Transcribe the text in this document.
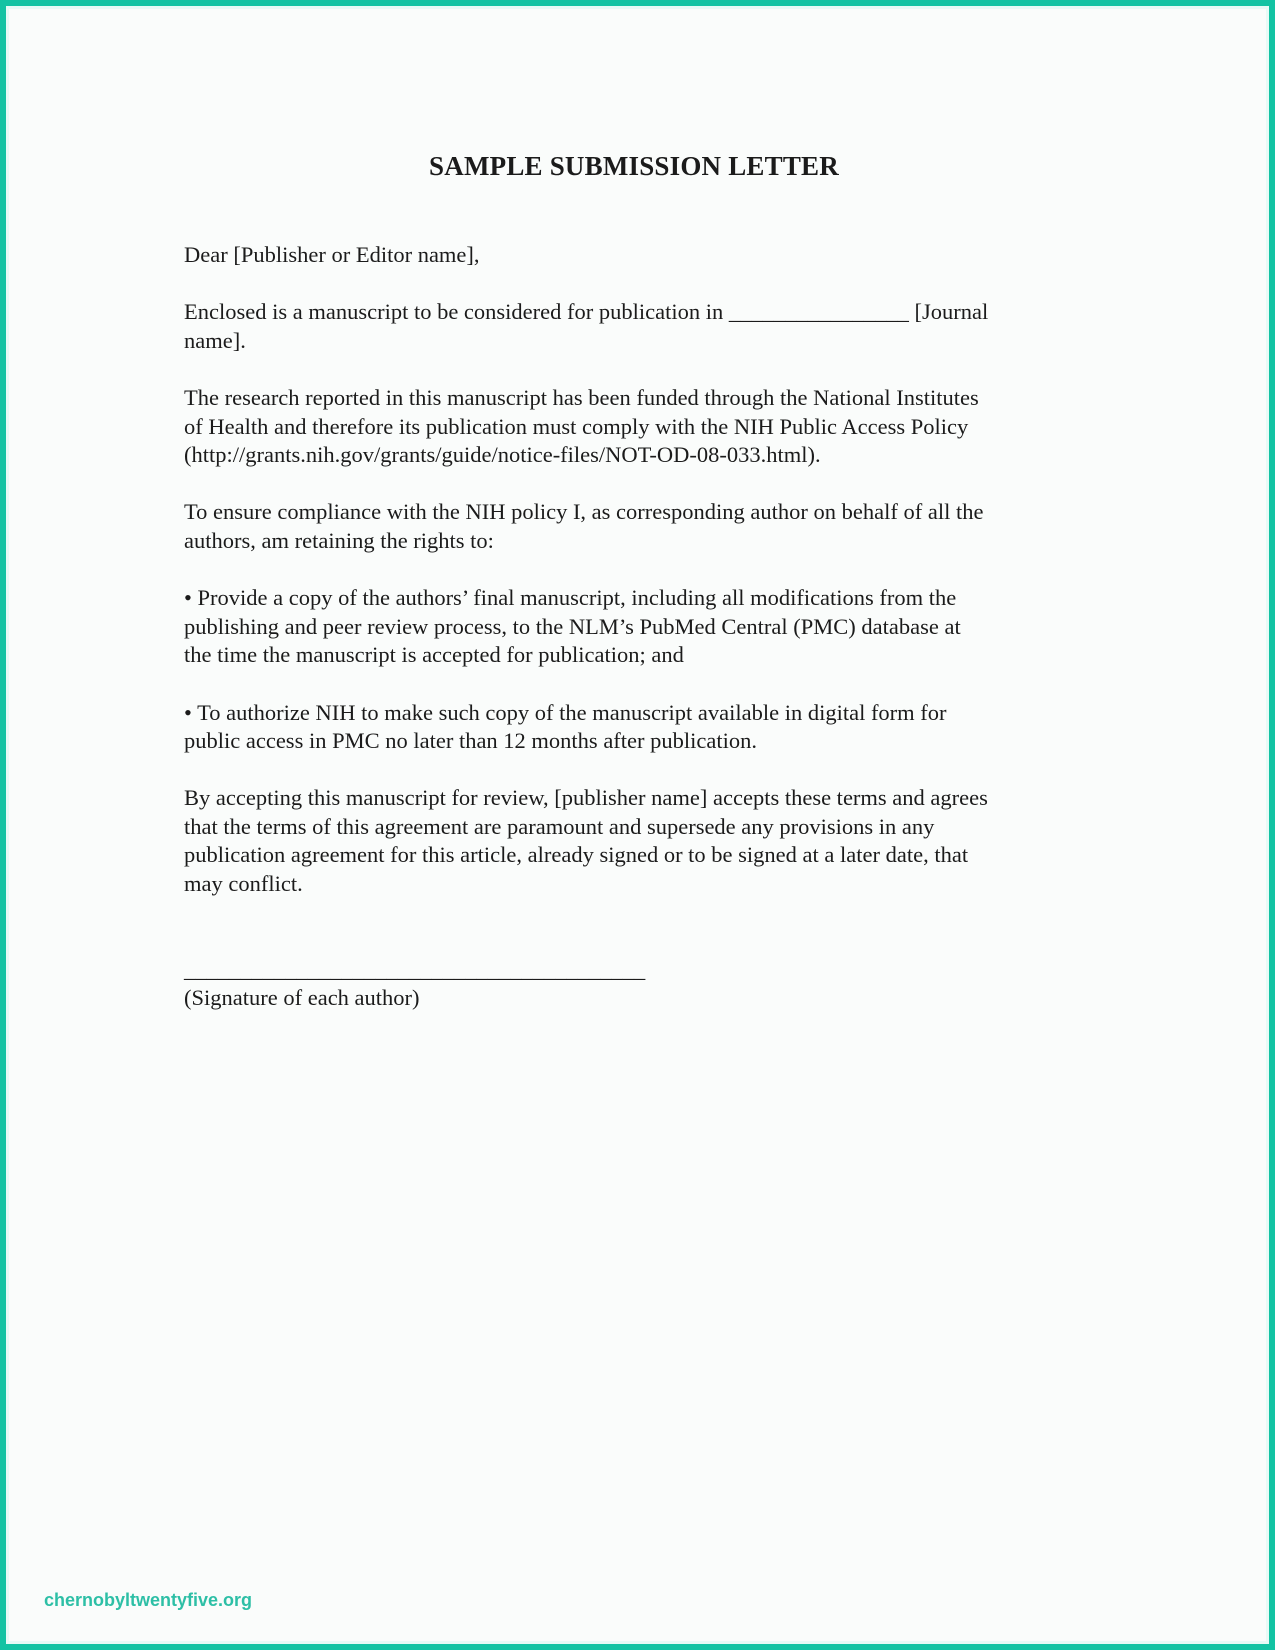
SAMPLE SUBMISSION LETTER
Dear [Publisher or Editor name],
Enclosed is a manuscript to be considered for publication in ________________ [Journal
name].
The research reported in this manuscript has been funded through the National Institutes
of Health and therefore its publication must comply with the NIH Public Access Policy
(http://grants.nih.gov/grants/guide/notice-files/NOT-OD-08-033.html).
To ensure compliance with the NIH policy I, as corresponding author on behalf of all the
authors, am retaining the rights to:
• Provide a copy of the authors’ final manuscript, including all modifications from the
publishing and peer review process, to the NLM’s PubMed Central (PMC) database at
the time the manuscript is accepted for publication; and
• To authorize NIH to make such copy of the manuscript available in digital form for
public access in PMC no later than 12 months after publication.
By accepting this manuscript for review, [publisher name] accepts these terms and agrees
that the terms of this agreement are paramount and supersede any provisions in any
publication agreement for this article, already signed or to be signed at a later date, that
may conflict.
_________________________________________
(Signature of each author)
chernobyltwentyfive.org
